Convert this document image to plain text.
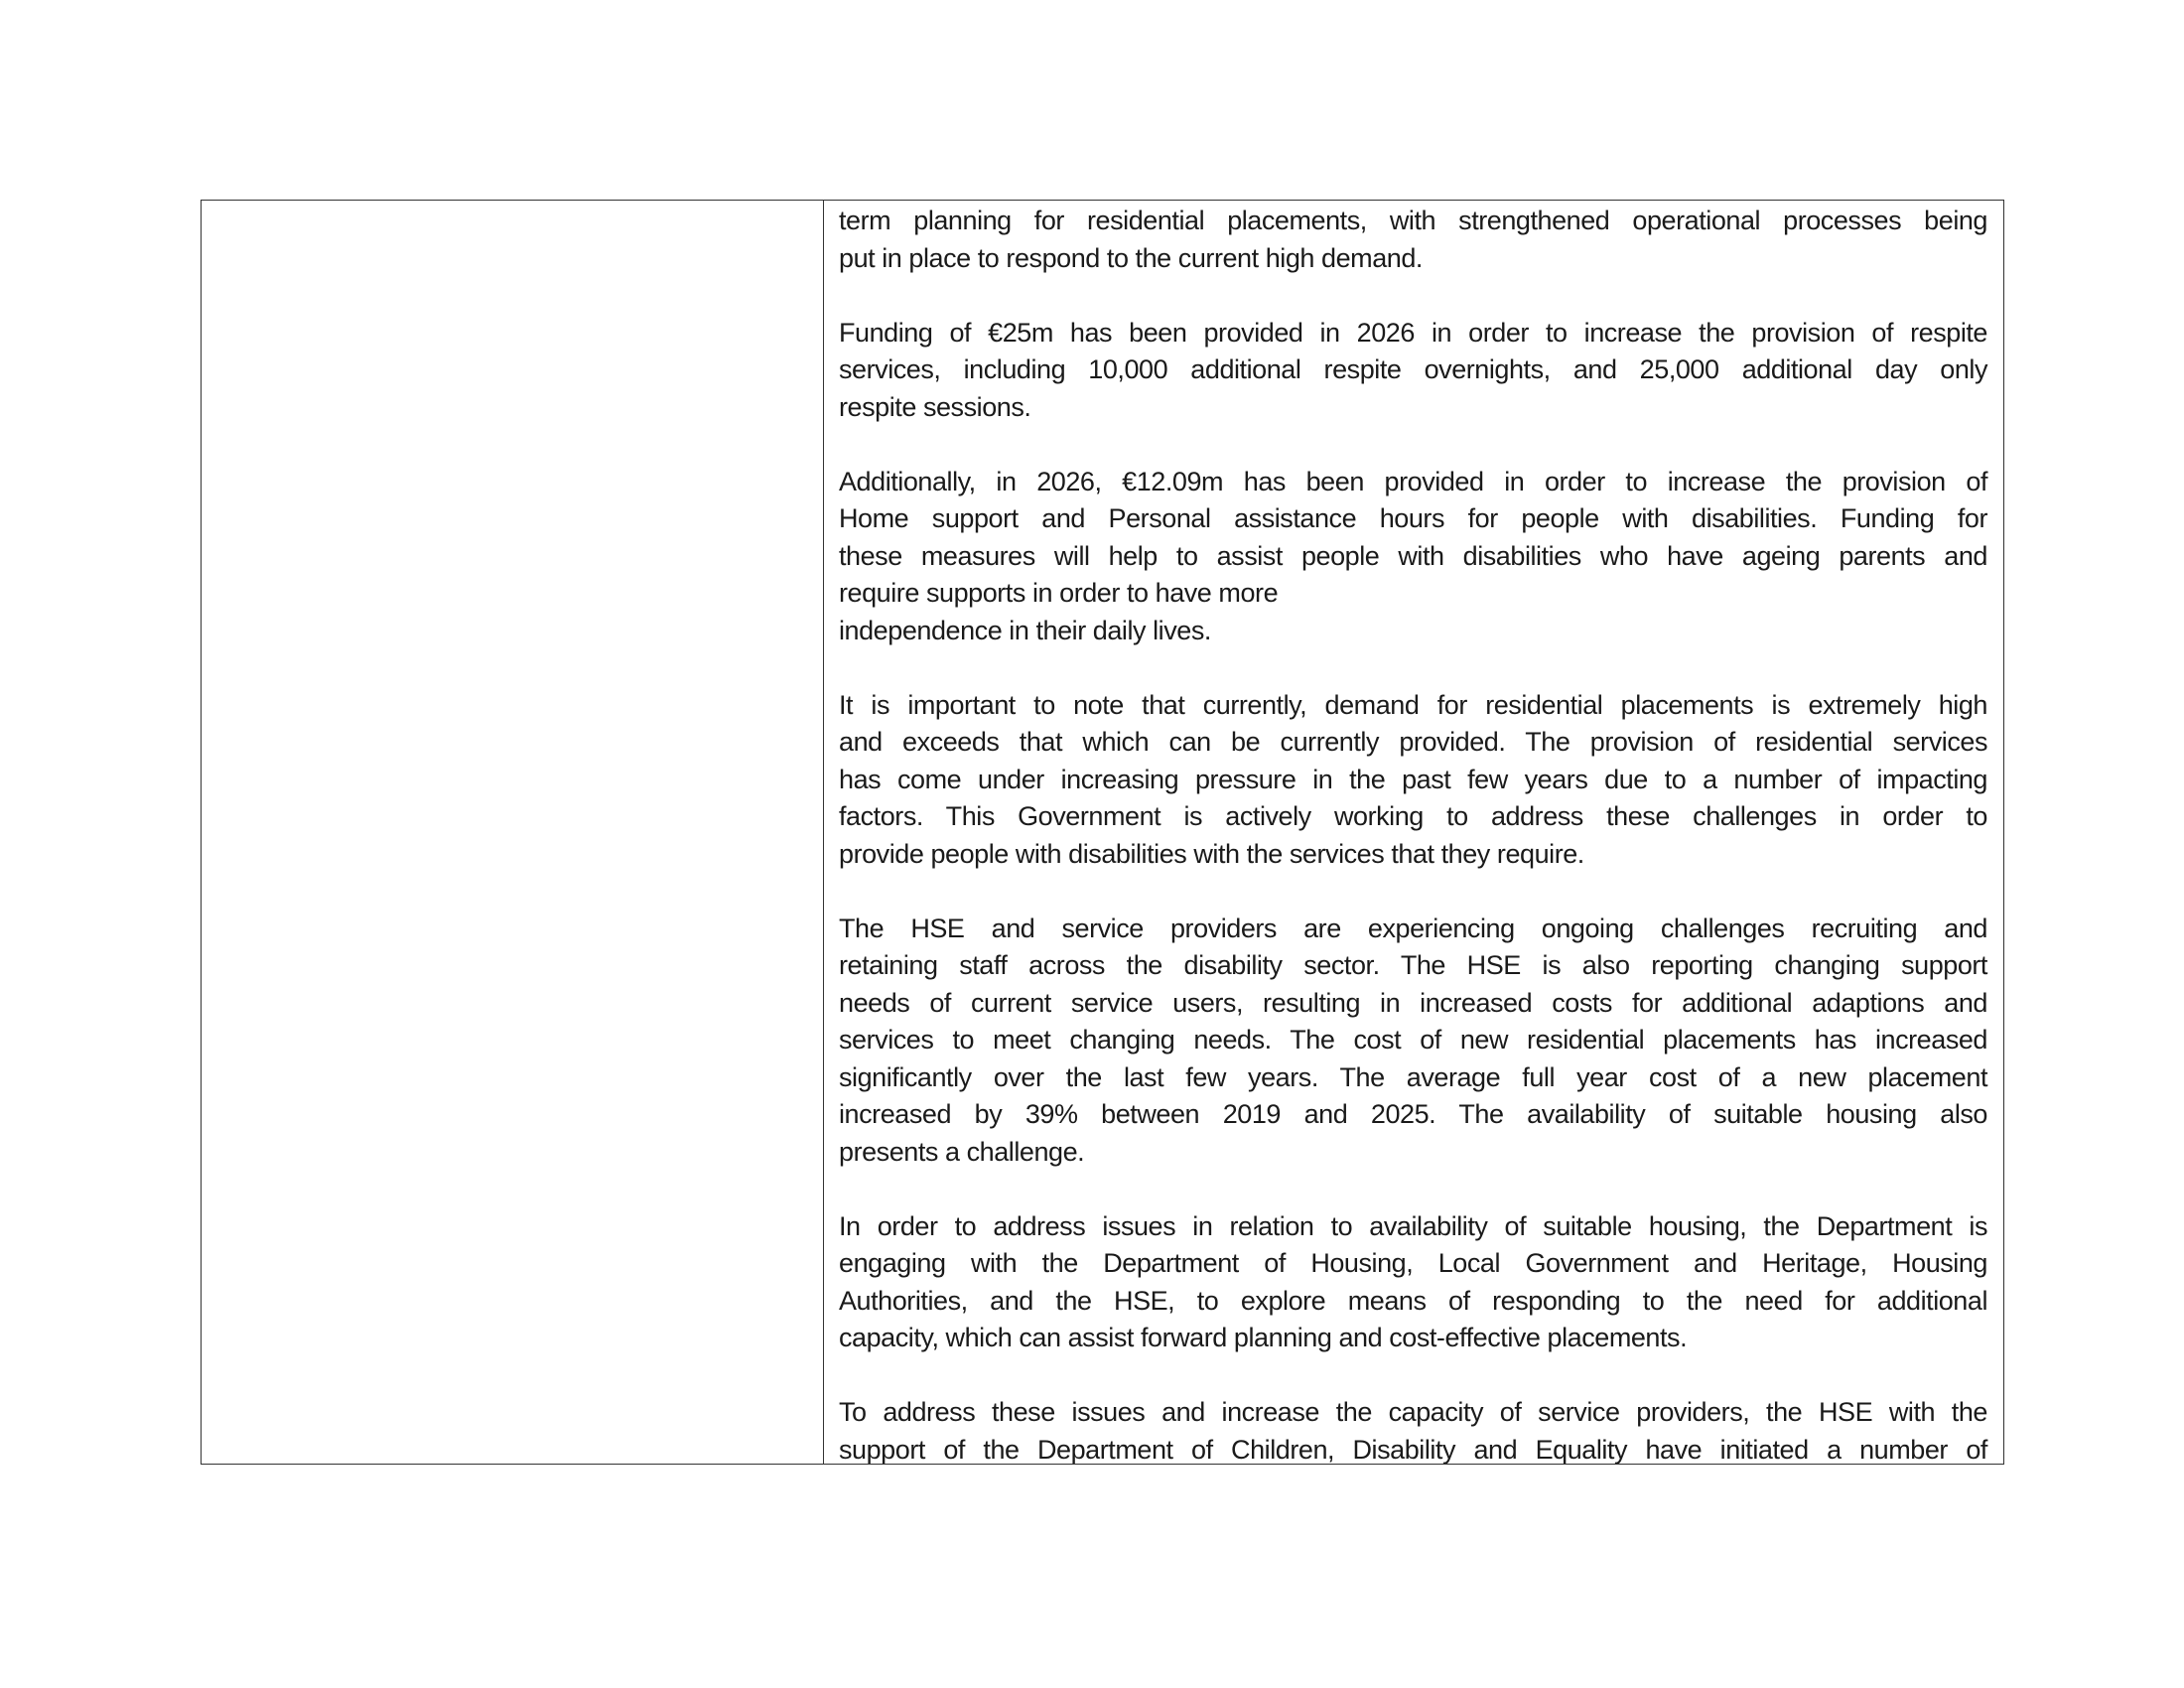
term planning for residential placements, with strengthened operational processes being
put in place to respond to the current high demand.

Funding of €25m has been provided in 2026 in order to increase the provision of respite
services, including 10,000 additional respite overnights, and 25,000 additional day only
respite sessions.

Additionally, in 2026, €12.09m has been provided in order to increase the provision of
Home support and Personal assistance hours for people with disabilities. Funding for
these measures will help to assist people with disabilities who have ageing parents and
require supports in order to have more
independence in their daily lives.

It is important to note that currently, demand for residential placements is extremely high
and exceeds that which can be currently provided. The provision of residential services
has come under increasing pressure in the past few years due to a number of impacting
factors. This Government is actively working to address these challenges in order to
provide people with disabilities with the services that they require.

The HSE and service providers are experiencing ongoing challenges recruiting and
retaining staff across the disability sector. The HSE is also reporting changing support
needs of current service users, resulting in increased costs for additional adaptions and
services to meet changing needs. The cost of new residential placements has increased
significantly over the last few years. The average full year cost of a new placement
increased by 39% between 2019 and 2025. The availability of suitable housing also
presents a challenge.

In order to address issues in relation to availability of suitable housing, the Department is
engaging with the Department of Housing, Local Government and Heritage, Housing
Authorities, and the HSE, to explore means of responding to the need for additional
capacity, which can assist forward planning and cost-effective placements.

To address these issues and increase the capacity of service providers, the HSE with the
support of the Department of Children, Disability and Equality have initiated a number of
